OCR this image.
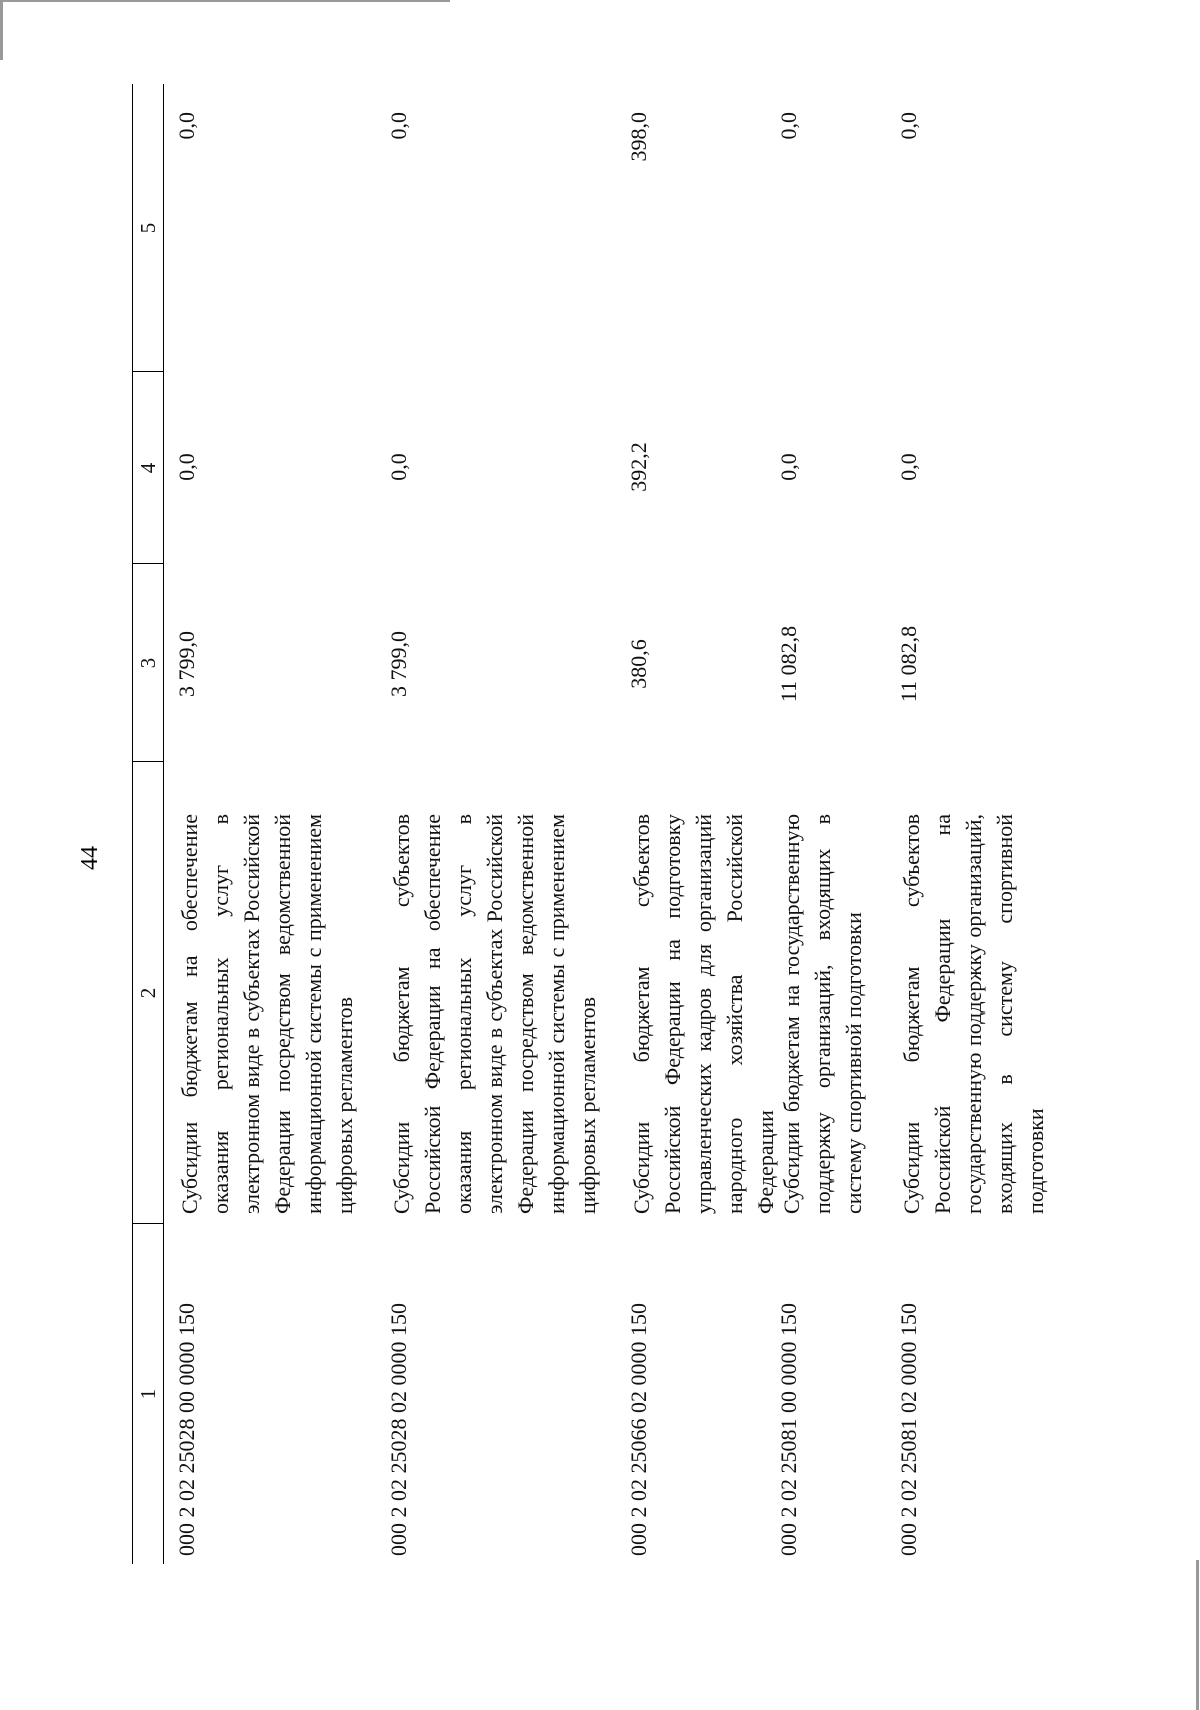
44
1
2
3
4
5
000 2 02 25028 00 0000 150
Субсидии бюджетам на обеспечение оказания региональных услуг в электронном виде в субъектах Российской Федерации посредством ведомственной информационной системы с применением цифровых регламентов
3 799,0
0,0
0,0
000 2 02 25028 02 0000 150
Субсидии бюджетам субъектов Российской Федерации на обеспечение оказания региональных услуг в электронном виде в субъектах Российской Федерации посредством ведомственной информационной системы с применением цифровых регламентов
3 799,0
0,0
0,0
000 2 02 25066 02 0000 150
Субсидии бюджетам субъектов Российской Федерации на подготовку управленческих кадров для организаций народного хозяйства Российской Федерации
380,6
392,2
398,0
000 2 02 25081 00 0000 150
Субсидии бюджетам на государственную поддержку организаций, входящих в систему спортивной подготовки
11 082,8
0,0
0,0
000 2 02 25081 02 0000 150
Субсидии бюджетам субъектов Российской Федерации на государственную поддержку организаций, входящих в систему спортивной подготовки
11 082,8
0,0
0,0
